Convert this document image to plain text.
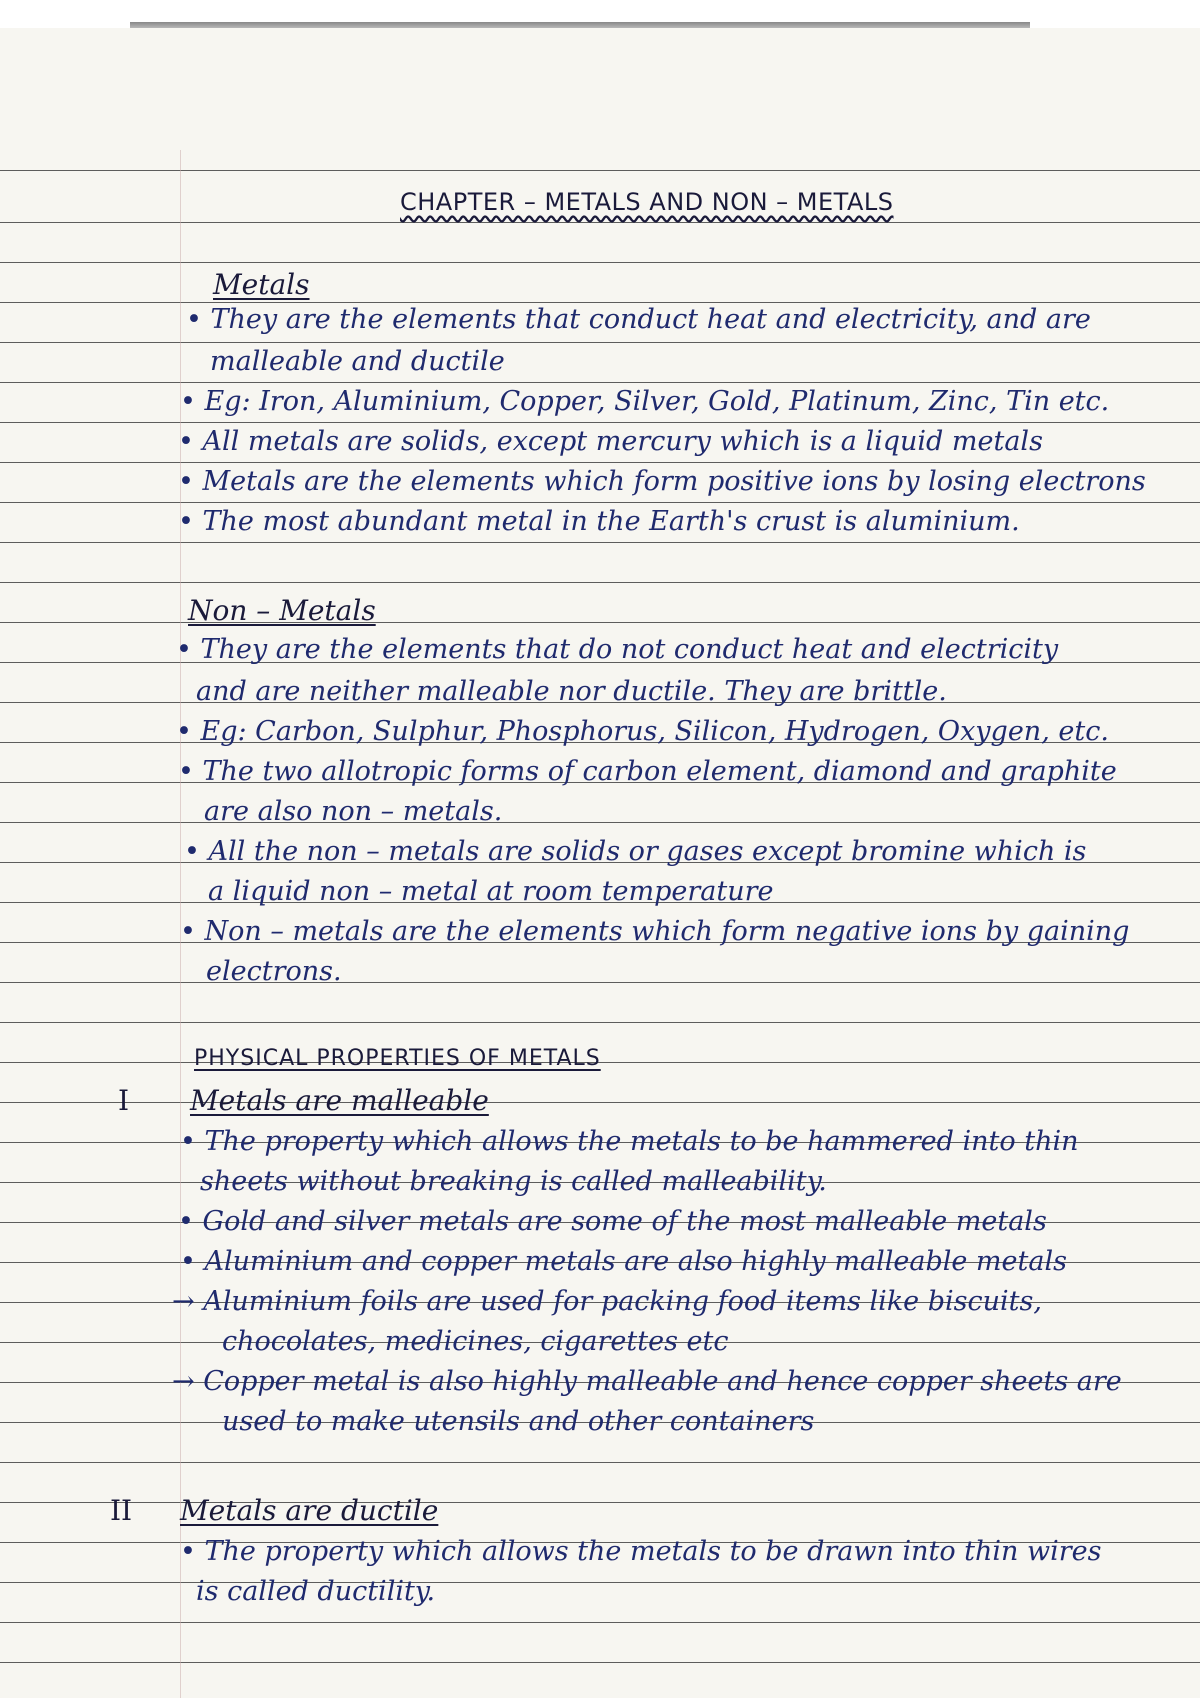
CHAPTER – METALS AND NON – METALS
Metals
• They are the elements that conduct heat and electricity, and are
malleable and ductile
• Eg: Iron, Aluminium, Copper, Silver, Gold, Platinum, Zinc, Tin etc.
• All metals are solids, except mercury which is a liquid metals
• Metals are the elements which form positive ions by losing electrons
• The most abundant metal in the Earth's crust is aluminium.
Non – Metals
• They are the elements that do not conduct heat and electricity
and are neither malleable nor ductile. They are brittle.
• Eg: Carbon, Sulphur, Phosphorus, Silicon, Hydrogen, Oxygen, etc.
• The two allotropic forms of carbon element, diamond and graphite
are also non – metals.
• All the non – metals are solids or gases except bromine which is
a liquid non – metal at room temperature
• Non – metals are the elements which form negative ions by gaining
electrons.
PHYSICAL PROPERTIES OF METALS
I Metals are malleable
• The property which allows the metals to be hammered into thin
sheets without breaking is called malleability.
• Gold and silver metals are some of the most malleable metals
• Aluminium and copper metals are also highly malleable metals
→ Aluminium foils are used for packing food items like biscuits,
chocolates, medicines, cigarettes etc
→ Copper metal is also highly malleable and hence copper sheets are
used to make utensils and other containers
II Metals are ductile
• The property which allows the metals to be drawn into thin wires
is called ductility.
